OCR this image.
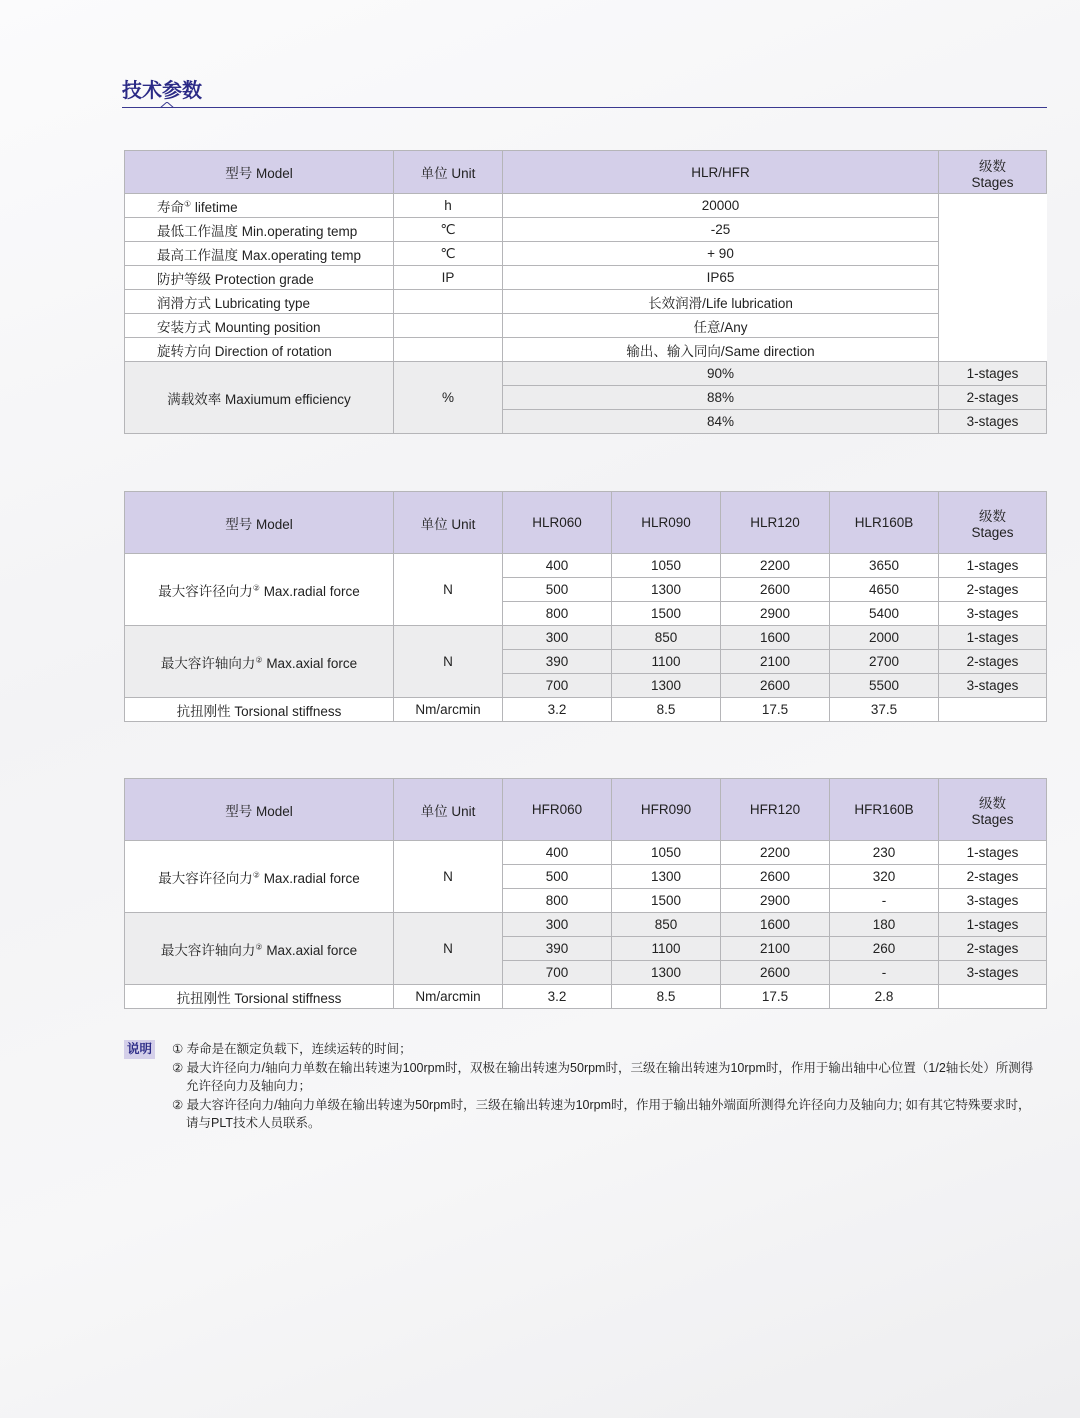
技术参数
型号 Model	单位 Unit	HLR/HFR	级数
Stages
寿命① lifetime	h	20000	
最低工作温度 Min.operating temp	℃	-25	
最高工作温度 Max.operating temp	℃	+ 90	
防护等级 Protection grade	IP	IP65	
润滑方式 Lubricating type		长效润滑/Life lubrication	
安装方式 Mounting position		任意/Any	
旋转方向 Direction of rotation		输出、输入同向/Same direction	
满载效率 Maxiumum efficiency	%	90%	1-stages
		88%	2-stages
		84%	3-stages
型号 Model	单位 Unit	HLR060	HLR090	HLR120	HLR160B	级数
Stages
最大容许径向力② Max.radial force	N	400	1050	2200	3650	1-stages
		500	1300	2600	4650	2-stages
		800	1500	2900	5400	3-stages
最大容许轴向力② Max.axial force	N	300	850	1600	2000	1-stages
		390	1100	2100	2700	2-stages
		700	1300	2600	5500	3-stages
抗扭刚性 Torsional stiffness	Nm/arcmin	3.2	8.5	17.5	37.5	
型号 Model	单位 Unit	HFR060	HFR090	HFR120	HFR160B	级数
Stages
最大容许径向力② Max.radial force	N	400	1050	2200	230	1-stages
		500	1300	2600	320	2-stages
		800	1500	2900	-	3-stages
最大容许轴向力② Max.axial force	N	300	850	1600	180	1-stages
		390	1100	2100	260	2-stages
		700	1300	2600	-	3-stages
抗扭刚性 Torsional stiffness	Nm/arcmin	3.2	8.5	17.5	2.8	
说明 ① 寿命是在额定负载下，连续运转的时间；
② 最大许径向力/轴向力单数在输出转速为100rpm时，双极在输出转速为50rpm时，三级在输出转速为10rpm时，作用于输出轴中心位置（1/2轴长处）所测得
允许径向力及轴向力；
② 最大容许径向力/轴向力单级在输出转速为50rpm时，三级在输出转速为10rpm时，作用于输出轴外端面所测得允许径向力及轴向力; 如有其它特殊要求时，
请与PLT技术人员联系。
